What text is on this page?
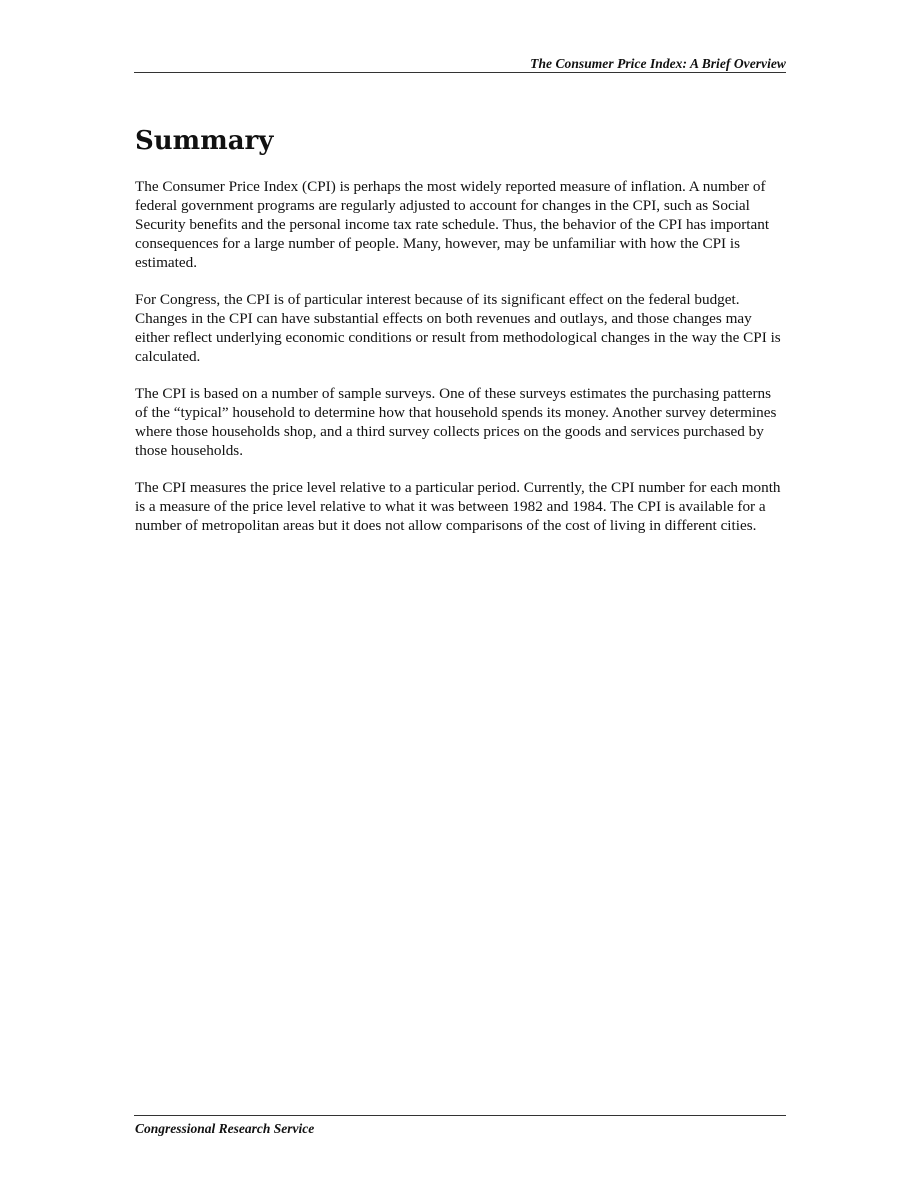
The Consumer Price Index: A Brief Overview
Summary

The Consumer Price Index (CPI) is perhaps the most widely reported measure of inflation. A number of federal government programs are regularly adjusted to account for changes in the CPI, such as Social Security benefits and the personal income tax rate schedule. Thus, the behavior of the CPI has important consequences for a large number of people. Many, however, may be unfamiliar with how the CPI is estimated.

For Congress, the CPI is of particular interest because of its significant effect on the federal budget. Changes in the CPI can have substantial effects on both revenues and outlays, and those changes may either reflect underlying economic conditions or result from methodological changes in the way the CPI is calculated.

The CPI is based on a number of sample surveys. One of these surveys estimates the purchasing patterns of the “typical” household to determine how that household spends its money. Another survey determines where those households shop, and a third survey collects prices on the goods and services purchased by those households.

The CPI measures the price level relative to a particular period. Currently, the CPI number for each month is a measure of the price level relative to what it was between 1982 and 1984. The CPI is available for a number of metropolitan areas but it does not allow comparisons of the cost of living in different cities.

Congressional Research Service
